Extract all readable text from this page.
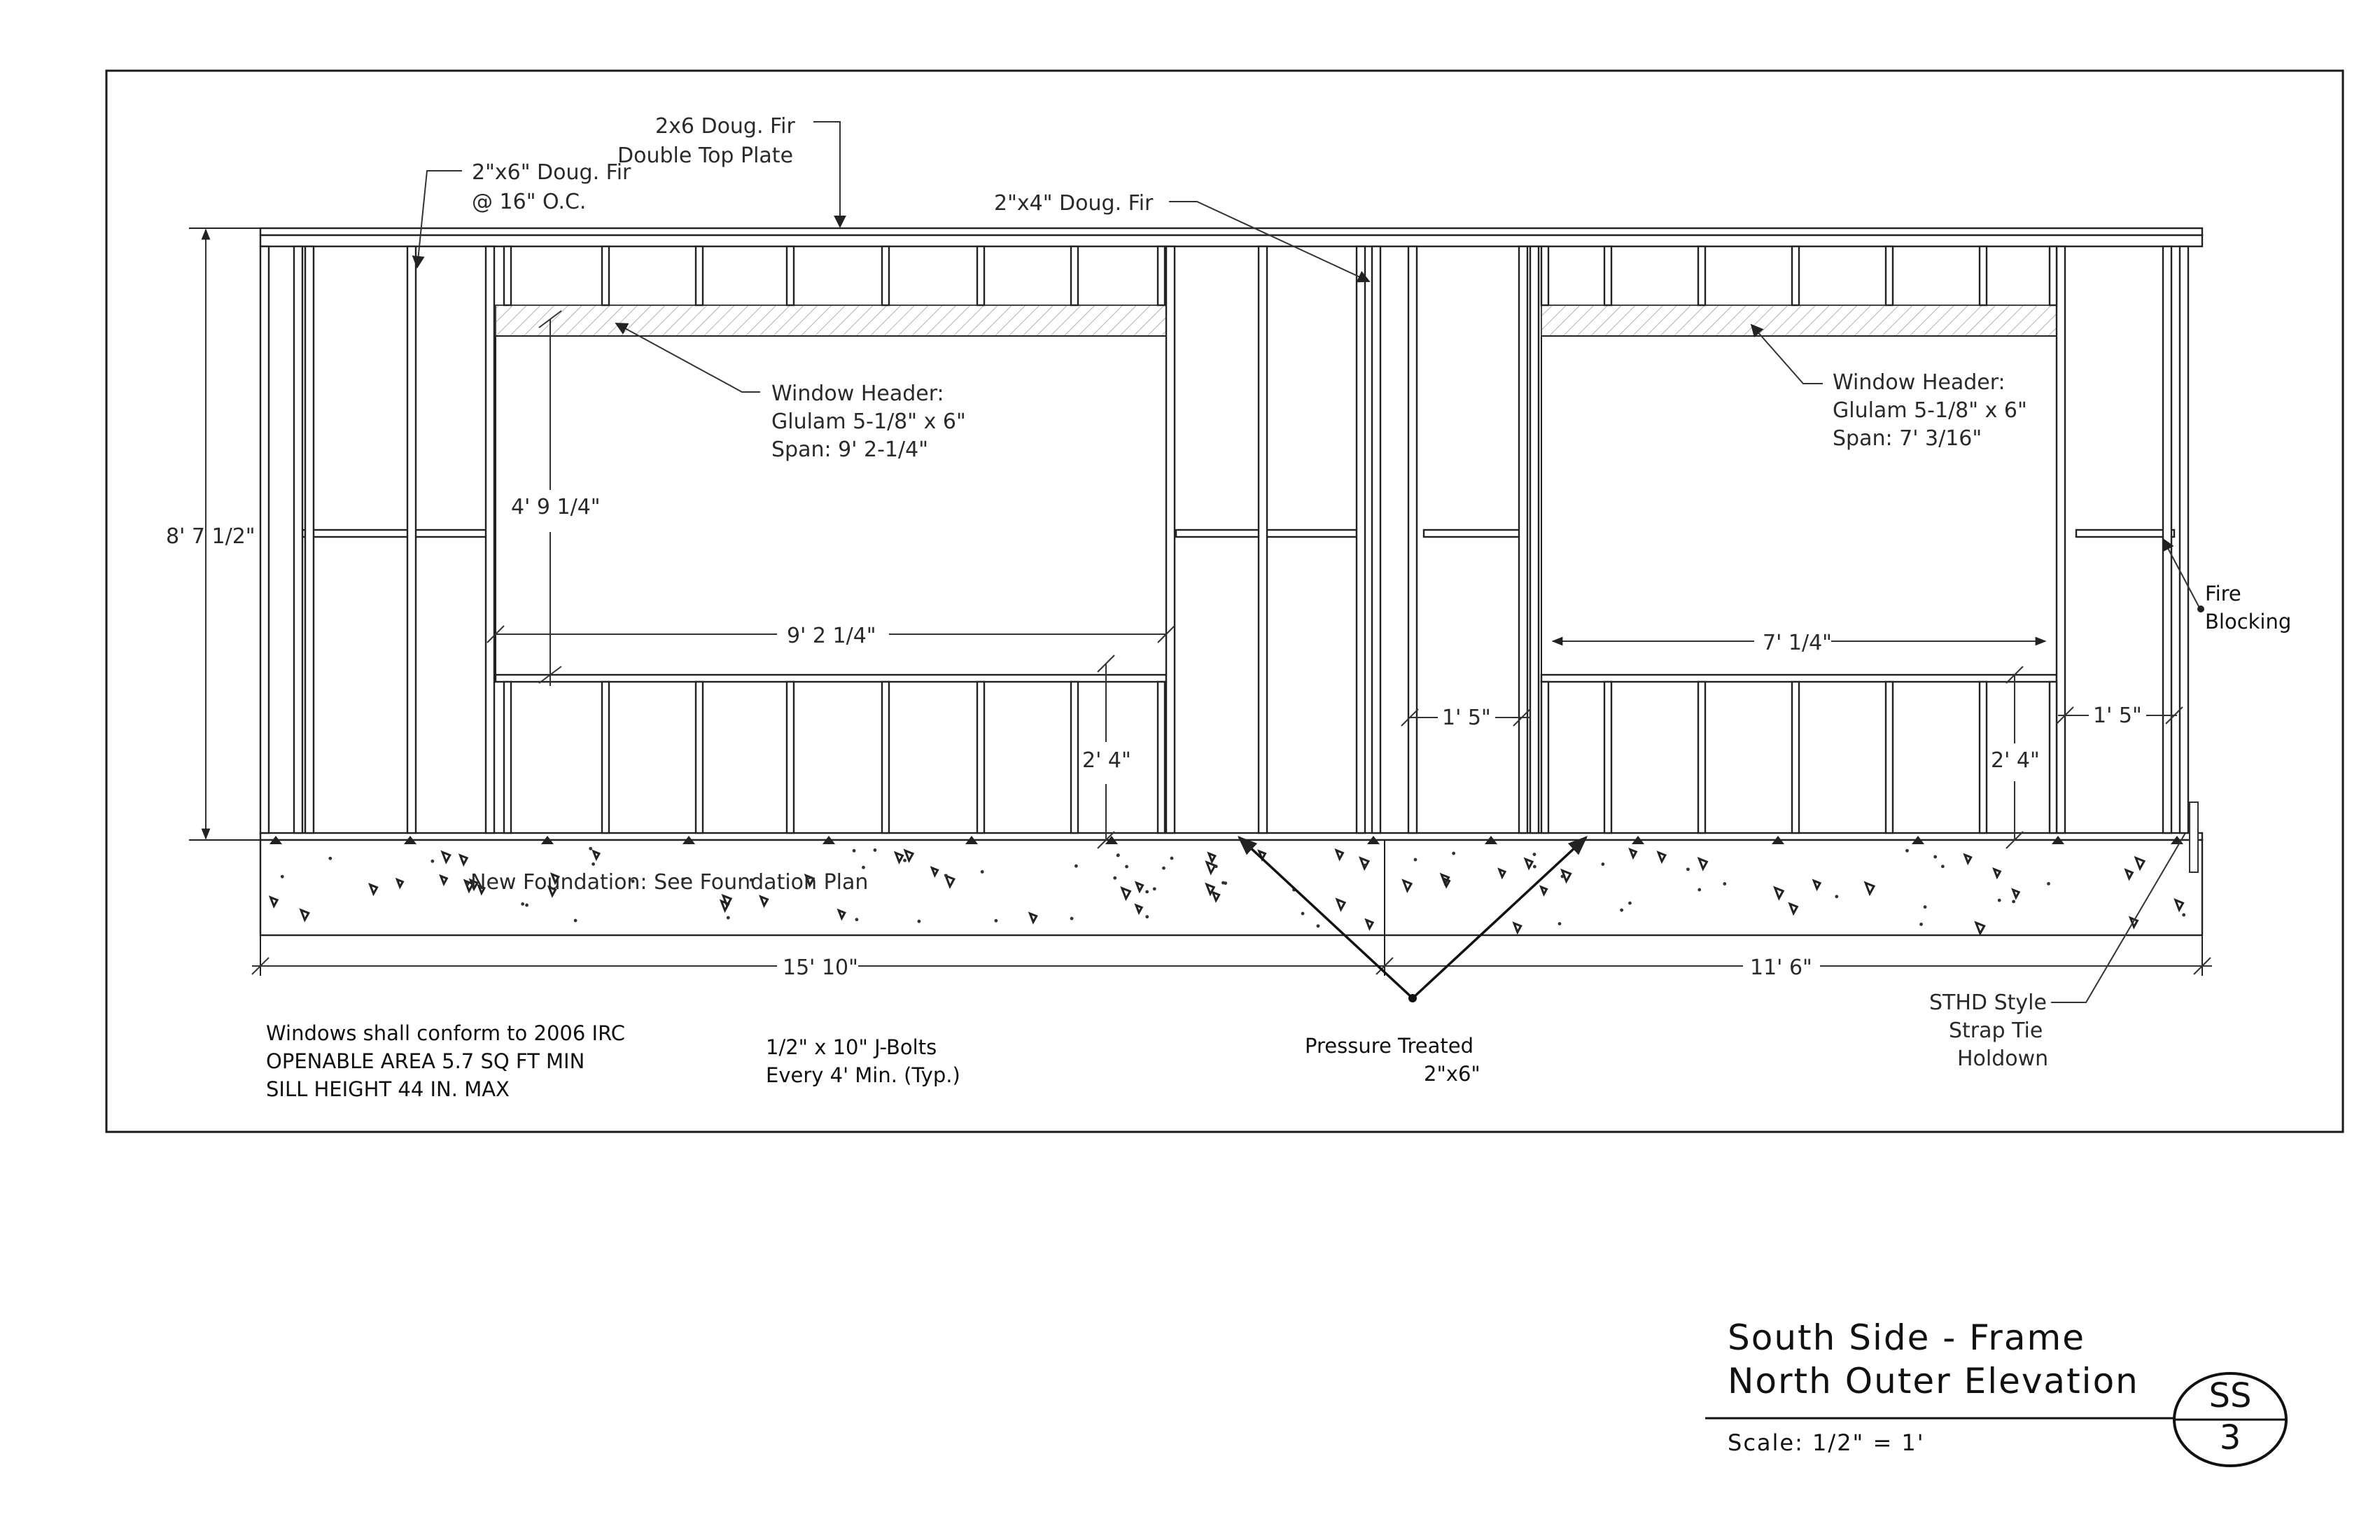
8' 7 1/2"
4' 9 1/4"
9' 2 1/4"
2' 4"
7' 1/4"
2' 4"
1' 5"	1' 5"
15' 10"	11' 6"
2x6 Doug. Fir
Double Top Plate
2"x6" Doug. Fir
@ 16" O.C.	2"x4" Doug. Fir
Window Header:
Glulam 5-1/8" x 6"
Span: 9' 2-1/4"
Window Header:
Glulam 5-1/8" x 6"
Span: 7' 3/16"
Fire
Blocking
New Foundation: See Foundation Plan
STHD Style
Strap Tie
Holdown
Pressure Treated
2"x6"
Windows shall conform to 2006 IRC
OPENABLE AREA 5.7 SQ FT MIN
SILL HEIGHT 44 IN. MAX
1/2" x 10" J-Bolts
Every 4' Min. (Typ.)
South Side - Frame
North Outer Elevation
Scale: 1/2" = 1'
SS
3
